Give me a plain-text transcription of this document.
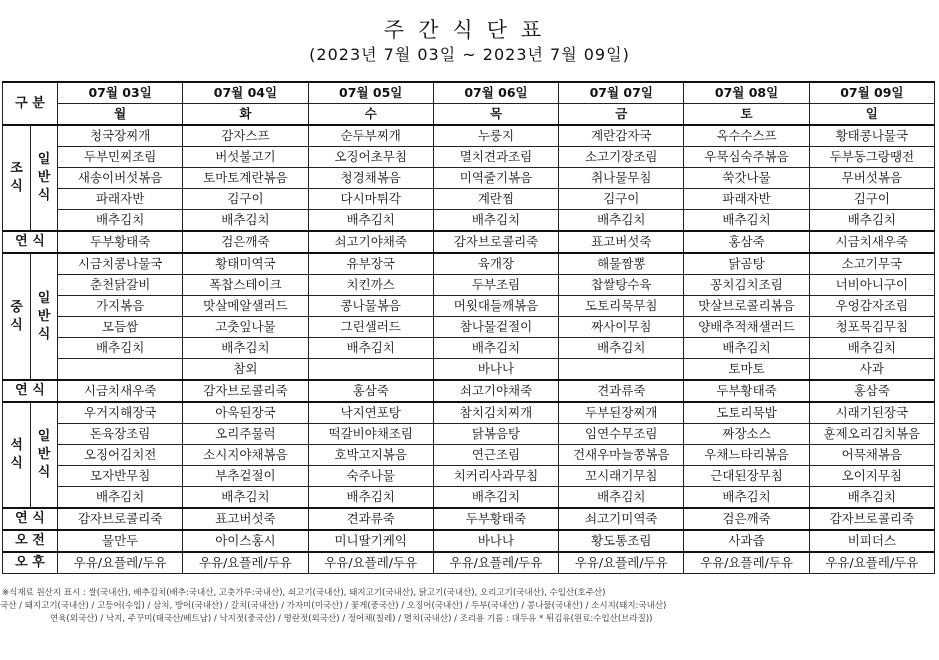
주간식단표
(2023년 7월 03일 ~ 2023년 7월 09일)
구 분		07월 03일	07월 04일	07월 05일	07월 06일	07월 07일	07월 08일	07월 09일
		월	화	수	목	금	토	일
조
식	일
반
식	청국장찌개	감자스프	순두부찌개	누룽지	계란감자국	옥수수스프	황태콩나물국
		두부민찌조림	버섯불고기	오징어초무침	멸치견과조림	소고기장조림	우묵심숙주볶음	두부동그랑땡전
		새송이버섯볶음	토마토계란볶음	청경채볶음	미역줄기볶음	취나물무침	쑥갓나물	무버섯볶음
		파래자반	김구이	다시마튀각	계란찜	김구이	파래자반	김구이
		배추김치	배추김치	배추김치	배추김치	배추김치	배추김치	배추김치
연 식		두부황태죽	검은깨죽	쇠고기야채죽	감자브로콜리죽	표고버섯죽	홍삼죽	시금치새우죽
중
식	일
반
식	시금치콩나물국	황태미역국	유부장국	육개장	해물짬뽕	닭곰탕	소고기무국
		춘천닭갈비	폭찹스테이크	치킨까스	두부조림	찹쌀탕수육	꽁치김치조림	너비아니구이
		가지볶음	맛살메알샐러드	콩나물볶음	머윗대들깨볶음	도토리묵무침	맛살브로콜리볶음	우엉감자조림
		모듬쌈	고춧잎나물	그린샐러드	참나물겉절이	짜사이무침	양배추적채샐러드	청포묵김무침
		배추김치	배추김치	배추김치	배추김치	배추김치	배추김치	배추김치
			참외		바나나		토마토	사과
연 식		시금치새우죽	감자브로콜리죽	홍삼죽	쇠고기야채죽	견과류죽	두부황태죽	홍삼죽
석
식	일
반
식	우거지해장국	아욱된장국	낙지연포탕	참치김치찌개	두부된장찌개	도토리묵밥	시래기된장국
		돈육장조림	오리주물럭	떡갈비야채조림	닭볶음탕	임연수무조림	짜장소스	훈제오리김치볶음
		오징어김치전	소시지야채볶음	호박고지볶음	연근조림	건새우마늘쫑볶음	우채느타리볶음	어묵채볶음
		모자반무침	부추겉절이	숙주나물	치커리사과무침	꼬시래기무침	근대된장무침	오이지무침
		배추김치	배추김치	배추김치	배추김치	배추김치	배추김치	배추김치
연 식		감자브로콜리죽	표고버섯죽	견과류죽	두부황태죽	쇠고기미역죽	검은깨죽	감자브로콜리죽
오 전		물만두	아이스홍시	미니딸기케익	바나나	황도통조림	사과즙	비피더스
오 후		우유/요플레/두유	우유/요플레/두유	우유/요플레/두유	우유/요플레/두유	우유/요플레/두유	우유/요플레/두유	우유/요플레/두유
※식재료 원산지 표시 : 쌀(국내산), 배추김치(배추:국내산, 고춧가루:국내산), 쇠고기(국내산), 돼지고기(국내산), 닭고기(국내산), 오리고기(국내산), 수입산(호주산)
국산 / 돼지고기(국내산) / 고등어(수입) / 삼치, 방어(국내산) / 갈치(국내산) / 가자미(미국산) / 꽃게(중국산) / 오징어(국내산) / 두부(국내산) / 콩나물(국내산) / 소시지(돼지:국내산)
연육(외국산) / 낙지, 주꾸미(태국산/베트남) / 낙지젓(중국산) / 명란젓(외국산) / 정어채(칠레) / 멸치(국내산) / 조리용 기름 : 대두유 * 튀김유(원료:수입산(브라질))
